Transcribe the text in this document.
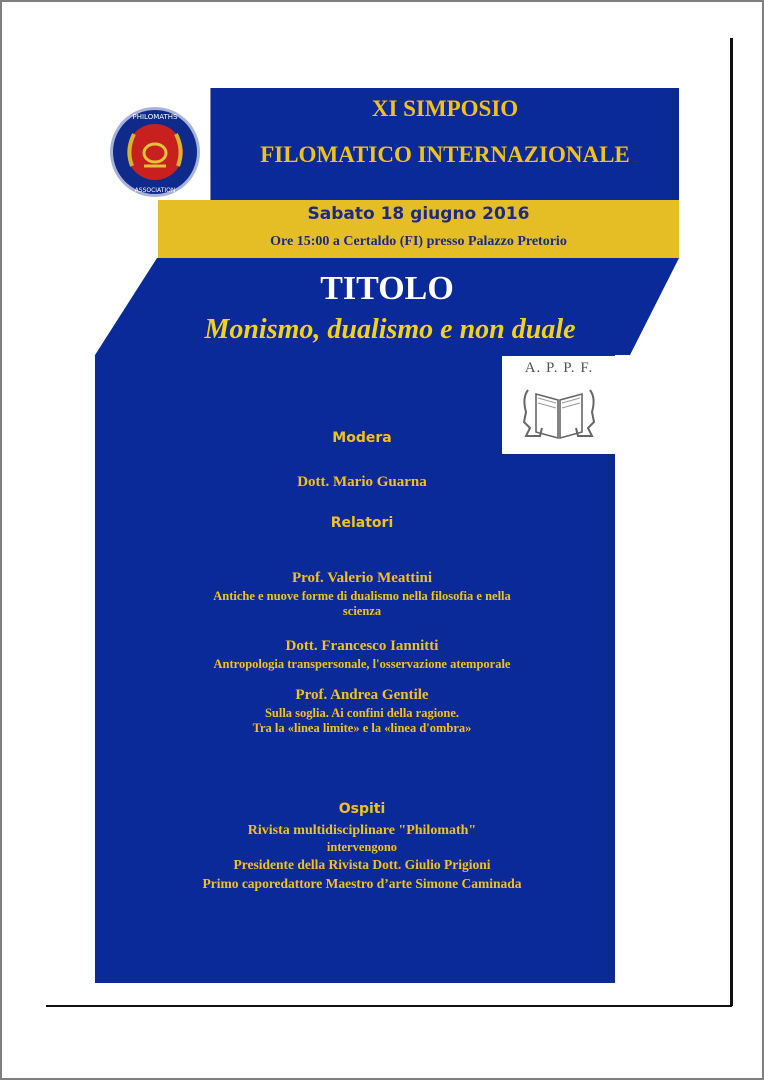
XI SIMPOSIO
FILOMATICO INTERNAZIONALE
PHILOMATHS
ASSOCIATION
Sabato 18 giugno 2016
Ore 15:00 a Certaldo (FI) presso Palazzo Pretorio
TITOLO
Monismo, dualismo e non duale
A. P. P. F.
Modera
Dott. Mario Guarna
Relatori
Prof. Valerio Meattini
Antiche e nuove forme di dualismo nella filosofia e nella
scienza
Dott. Francesco Iannitti
Antropologia transpersonale, l'osservazione atemporale
Prof. Andrea Gentile
Sulla soglia. Ai confini della ragione.
Tra la «linea limite» e la «linea d'ombra»
Ospiti
Rivista multidisciplinare "Philomath"
intervengono
Presidente della Rivista Dott. Giulio Prigioni
Primo caporedattore Maestro d’arte Simone Caminada
